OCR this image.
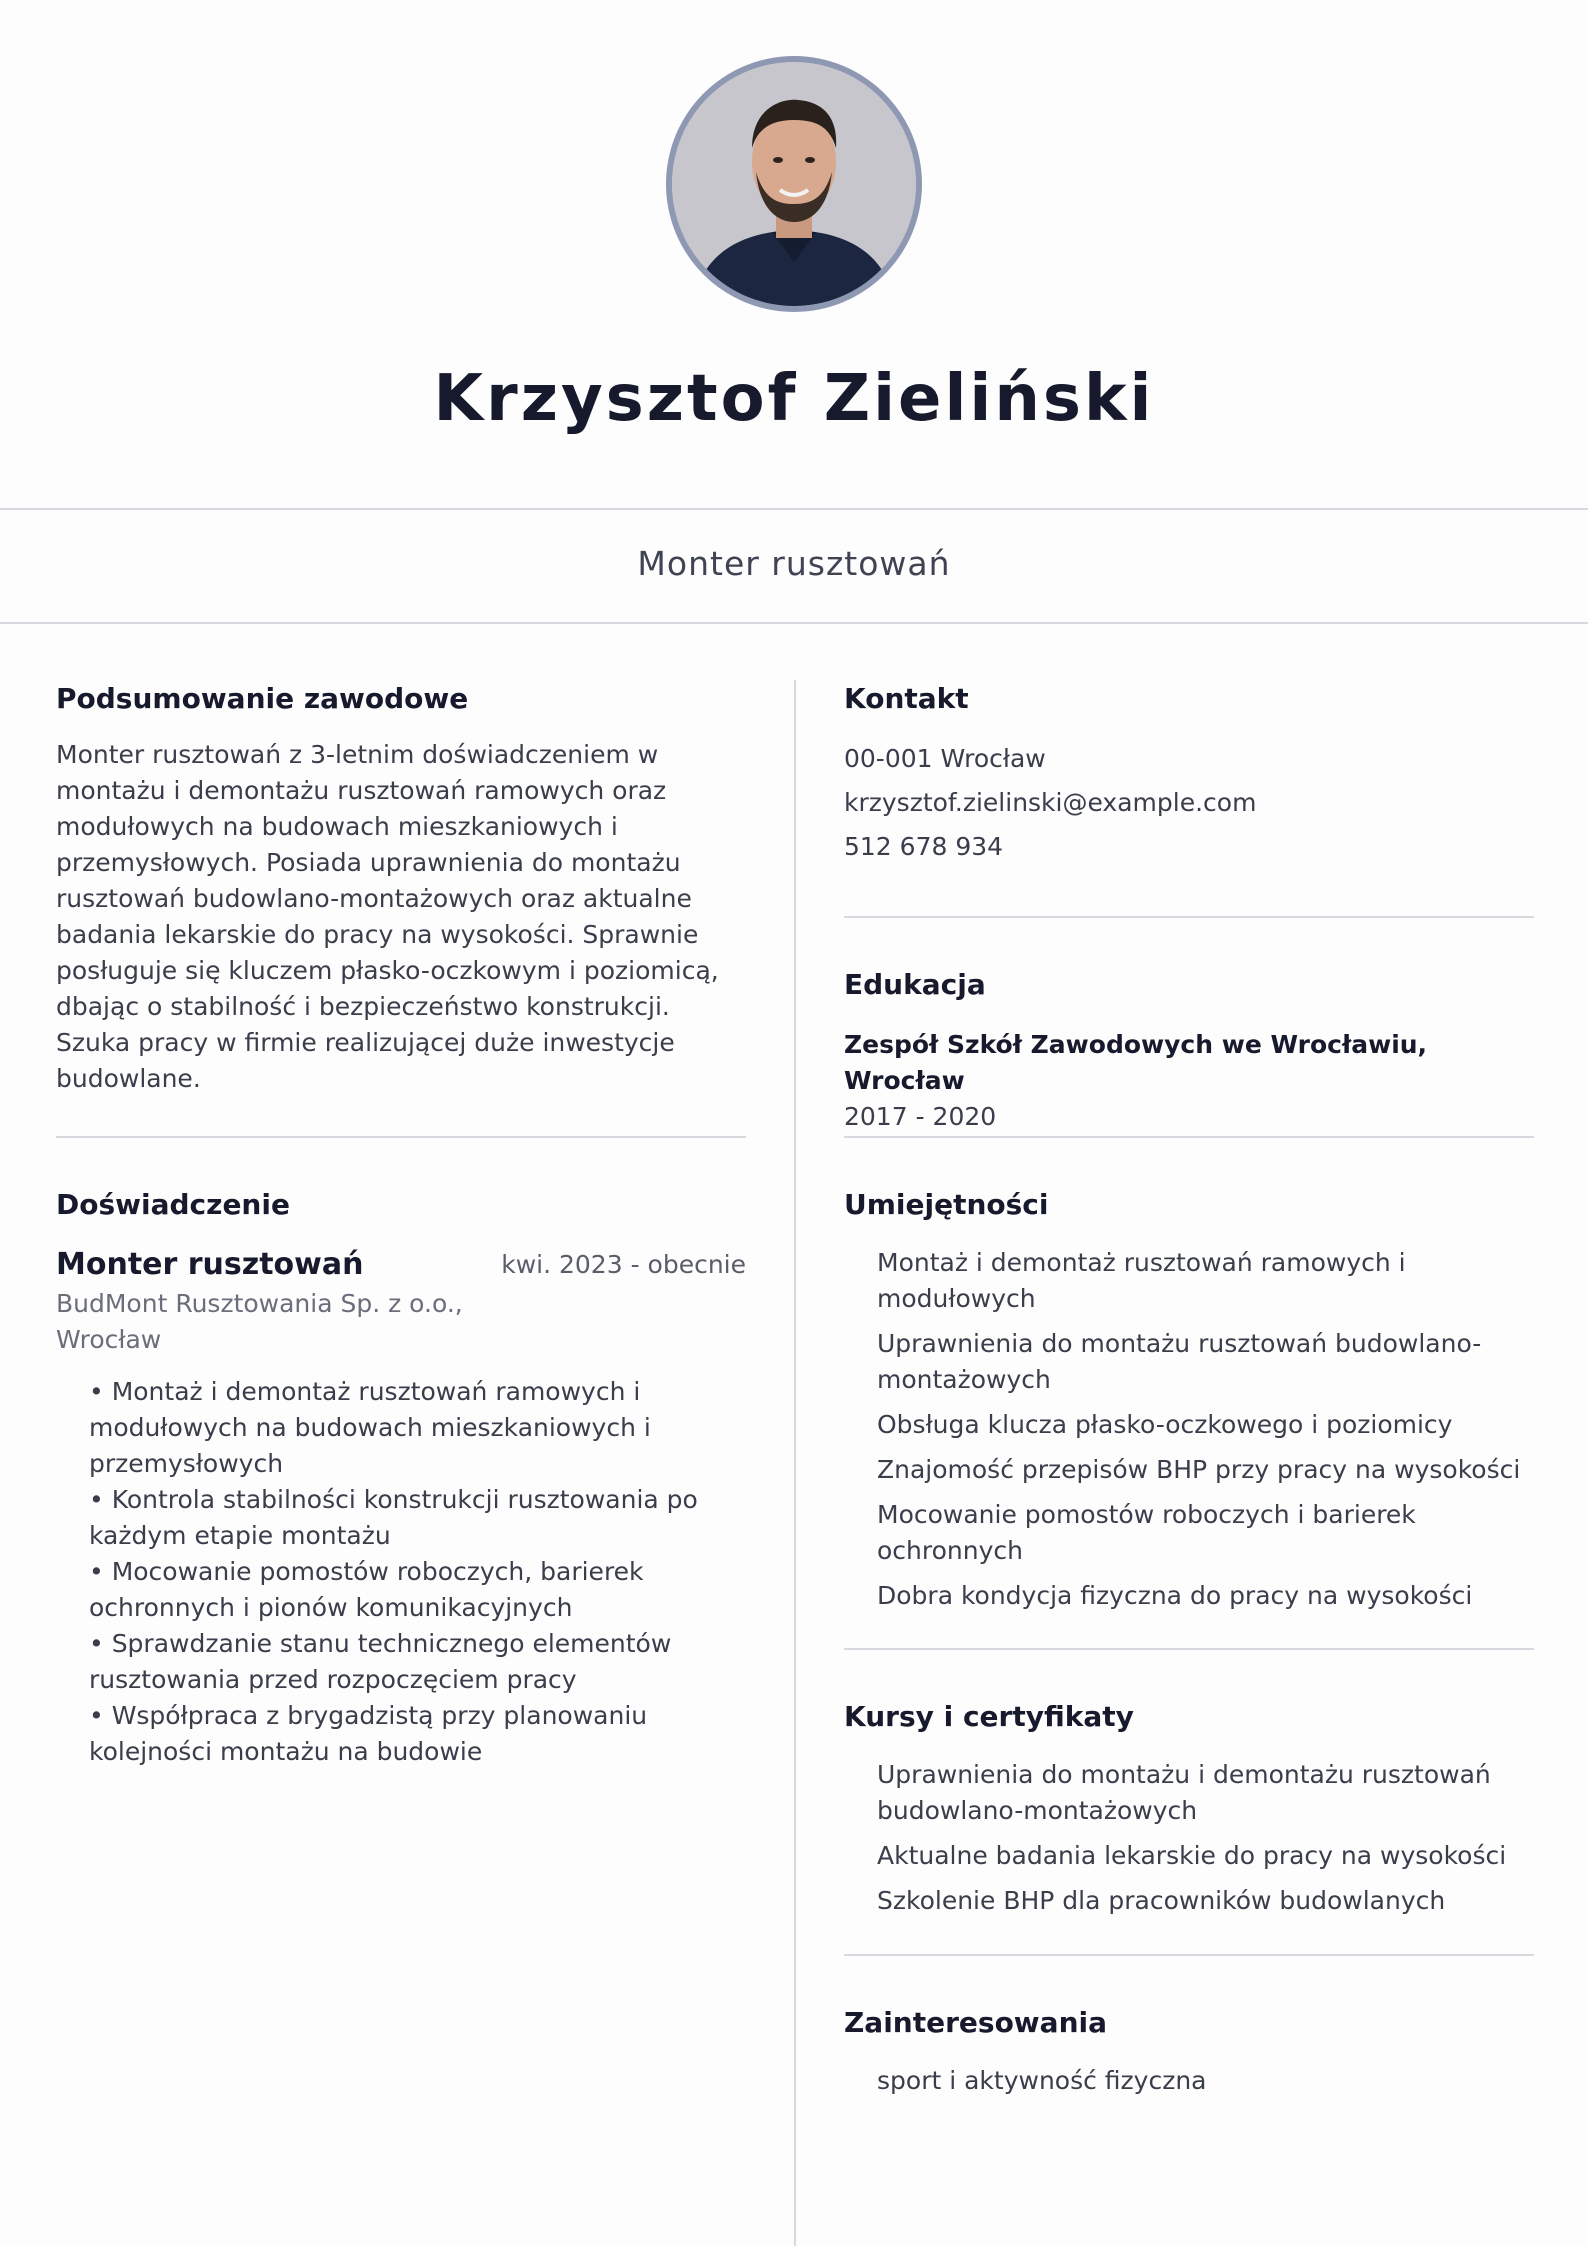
Krzysztof Zieliński
Monter rusztowań
Podsumowanie zawodowe
Monter rusztowań z 3-letnim doświadczeniem w montażu i demontażu rusztowań ramowych oraz modułowych na budowach mieszkaniowych i przemysłowych. Posiada uprawnienia do montażu rusztowań budowlano-montażowych oraz aktualne badania lekarskie do pracy na wysokości. Sprawnie posługuje się kluczem płasko-oczkowym i poziomicą, dbając o stabilność i bezpieczeństwo konstrukcji. Szuka pracy w firmie realizującej duże inwestycje budowlane.
Doświadczenie
Monter rusztowań	kwi. 2023 - obecnie
BudMont Rusztowania Sp. z o.o., Wrocław
• Montaż i demontaż rusztowań ramowych i modułowych na budowach mieszkaniowych i przemysłowych
• Kontrola stabilności konstrukcji rusztowania po każdym etapie montażu
• Mocowanie pomostów roboczych, barierek ochronnych i pionów komunikacyjnych
• Sprawdzanie stanu technicznego elementów rusztowania przed rozpoczęciem pracy
• Współpraca z brygadzistą przy planowaniu kolejności montażu na budowie
Kontakt
00-001 Wrocław
krzysztof.zielinski@example.com
512 678 934
Edukacja
Zespół Szkół Zawodowych we Wrocławiu, Wrocław
2017 - 2020
Umiejętności
Montaż i demontaż rusztowań ramowych i modułowych
Uprawnienia do montażu rusztowań budowlano-montażowych
Obsługa klucza płasko-oczkowego i poziomicy
Znajomość przepisów BHP przy pracy na wysokości
Mocowanie pomostów roboczych i barierek ochronnych
Dobra kondycja fizyczna do pracy na wysokości
Kursy i certyfikaty
Uprawnienia do montażu i demontażu rusztowań budowlano-montażowych
Aktualne badania lekarskie do pracy na wysokości
Szkolenie BHP dla pracowników budowlanych
Zainteresowania
sport i aktywność fizyczna
